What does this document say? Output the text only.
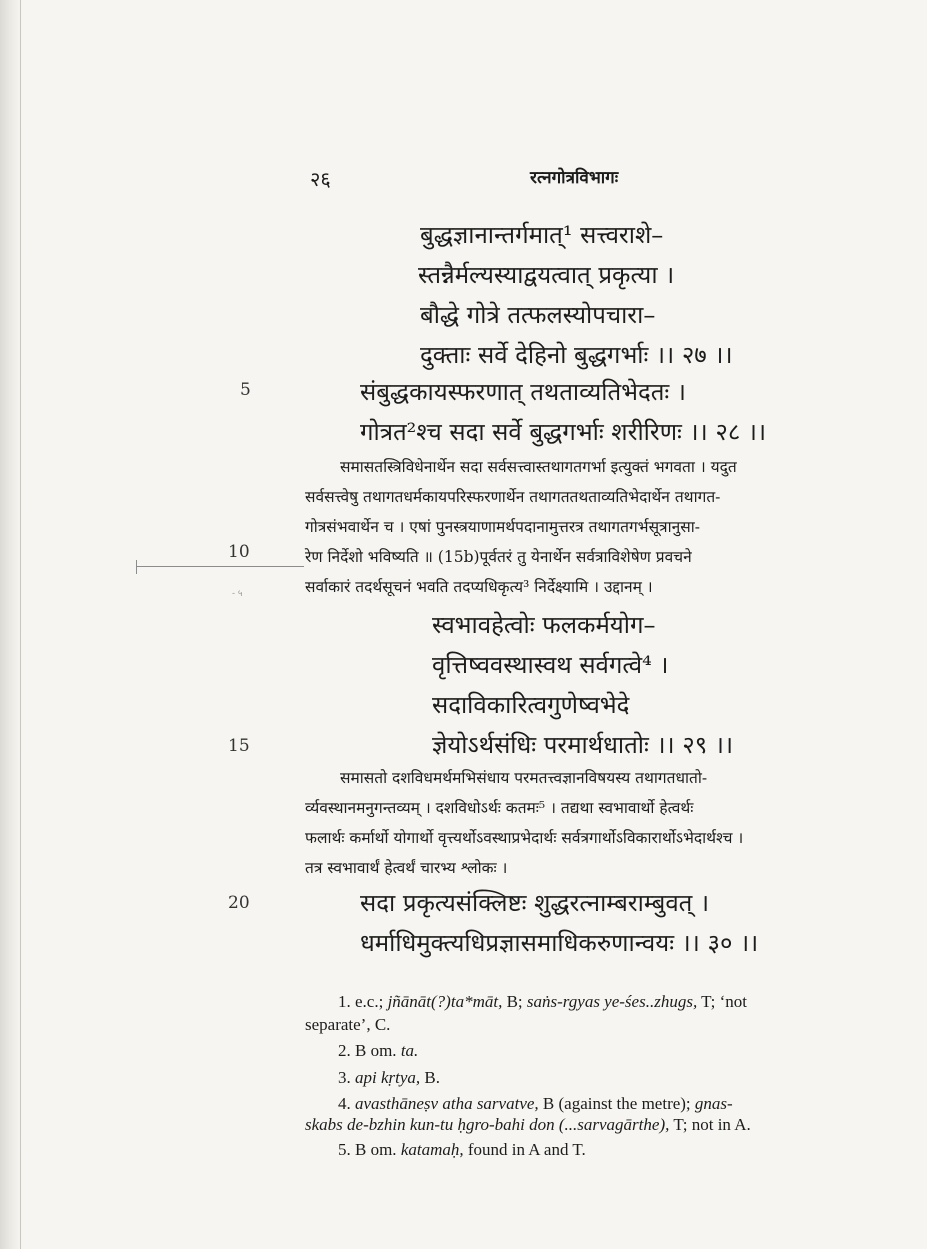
२६	रत्नगोत्रविभागः
बुद्धज्ञानान्तर्गमात्¹ सत्त्वराशे–
स्तन्नैर्मल्यस्याद्वयत्वात् प्रकृत्या ।
बौद्धे गोत्रे तत्फलस्योपचारा–
दुक्ताः सर्वे देहिनो बुद्धगर्भाः ।। २७ ।।
5	संबुद्धकायस्फरणात् तथताव्यतिभेदतः ।
गोत्रत²श्च सदा सर्वे बुद्धगर्भाः शरीरिणः ।। २८ ।।
समासतस्त्रिविधेनार्थेन सदा सर्वसत्त्वास्तथागतगर्भा इत्युक्तं भगवता । यदुत
सर्वसत्त्वेषु तथागतधर्मकायपरिस्फरणार्थेन तथागततथताव्यतिभेदार्थेन तथागत-
गोत्रसंभवार्थेन च । एषां पुनस्त्रयाणामर्थपदानामुत्तरत्र तथागतगर्भसूत्रानुसा-
रेण निर्देशो भविष्यति ॥ (15b)पूर्वतरं तु येनार्थेन सर्वत्राविशेषेण प्रवचने
सर्वाकारं तदर्थसूचनं भवति तदप्यधिकृत्य³ निर्देक्ष्यामि । उद्दानम् ।
10
- ५
स्वभावहेत्वोः फलकर्मयोग–
वृत्तिष्ववस्थास्वथ सर्वगत्वे⁴ ।
सदाविकारित्वगुणेष्वभेदे
ज्ञेयोऽर्थसंधिः परमार्थधातोः ।। २९ ।।
15
समासतो दशविधमर्थमभिसंधाय परमतत्त्वज्ञानविषयस्य तथागतधातो-
र्व्यवस्थानमनुगन्तव्यम् । दशविधोऽर्थः कतमः⁵ । तद्यथा स्वभावार्थो हेत्वर्थः
फलार्थः कर्मार्थो योगार्थो वृत्त्यर्थोऽवस्थाप्रभेदार्थः सर्वत्रगार्थोऽविकारार्थोऽभेदार्थश्च ।
तत्र स्वभावार्थं हेत्वर्थं चारभ्य श्लोकः ।
20	सदा प्रकृत्यसंक्लिष्टः शुद्धरत्नाम्बराम्बुवत् ।
धर्माधिमुक्त्यधिप्रज्ञासमाधिकरुणान्वयः ।। ३० ।।
1. e.c.; jñānāt(?)ta*māt, B; saṅs-rgyas ye-śes..zhugs, T; ‘not
separate’, C.
2. B om. ta.
3. api kṛtya, B.
4. avasthāneṣv atha sarvatve, B (against the metre); gnas-
skabs de-bzhin kun-tu ḥgro-bahi don (...sarvagārthe), T; not in A.
5. B om. katamaḥ, found in A and T.
